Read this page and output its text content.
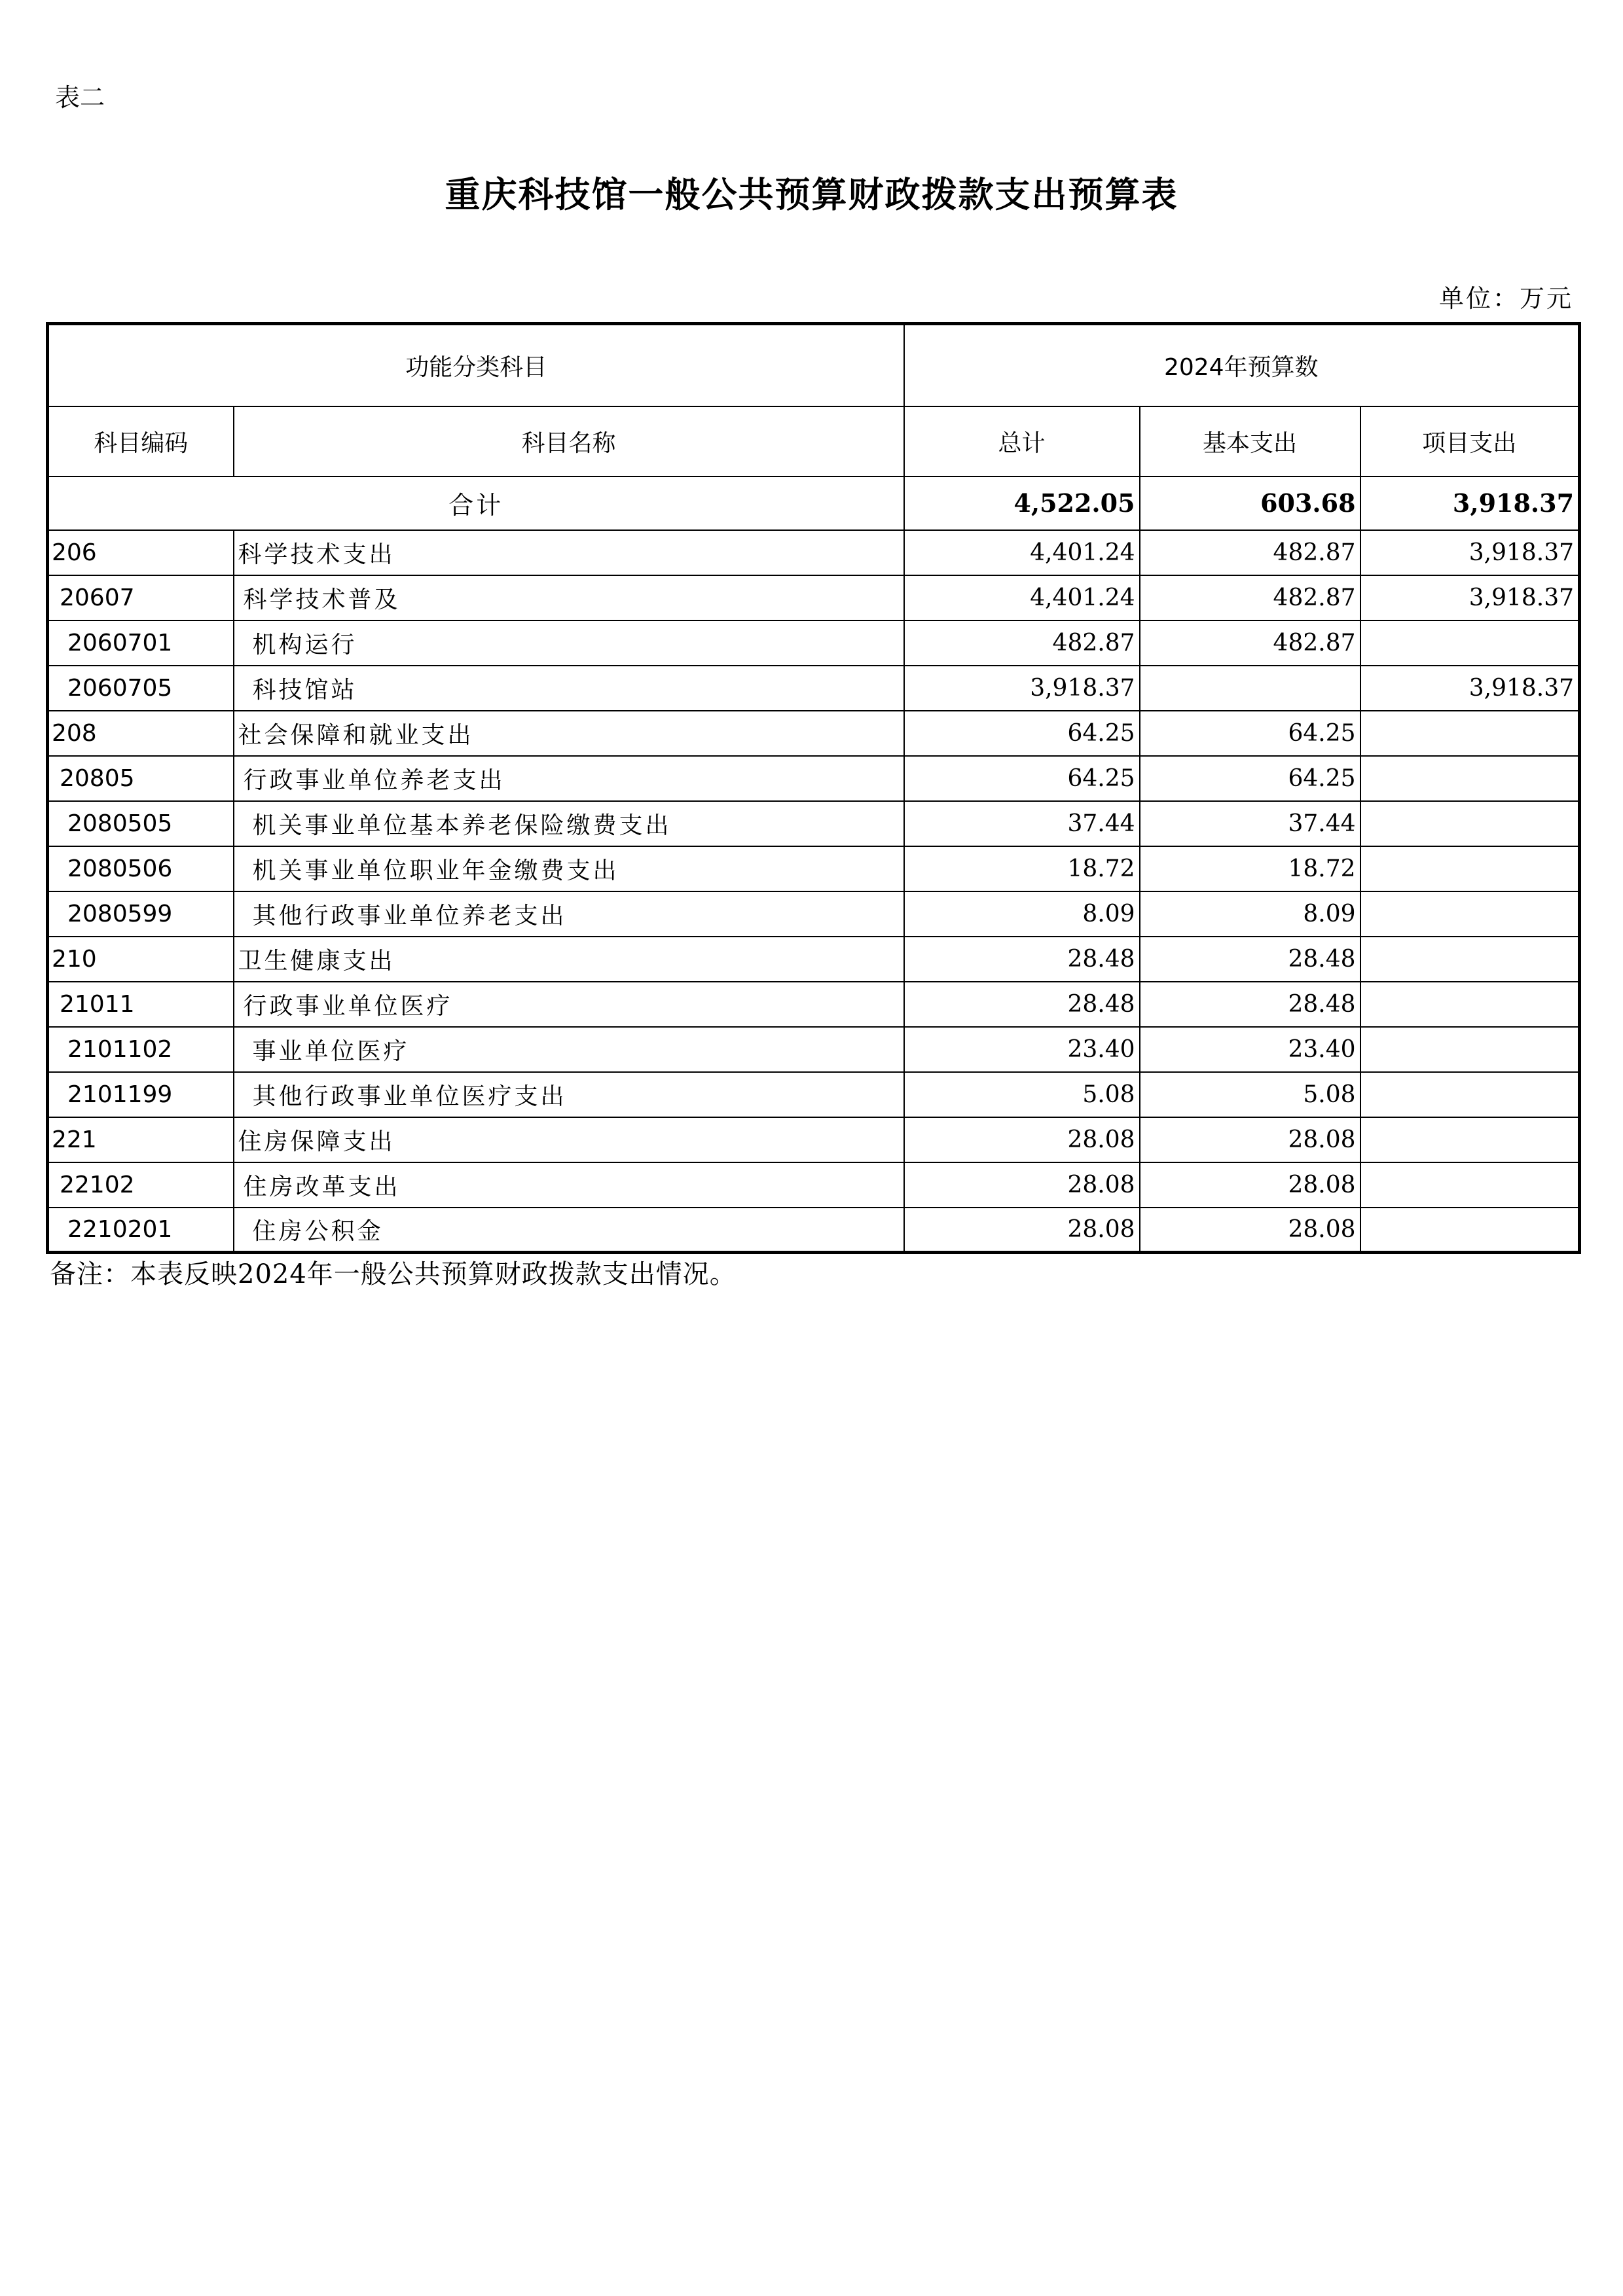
表二
重庆科技馆一般公共预算财政拨款支出预算表
单位：万元
功能分类科目		2024年预算数		
科目编码	科目名称	总计	基本支出	项目支出
合计		4,522.05	603.68	3,918.37
206	科学技术支出	4,401.24	482.87	3,918.37
20607	科学技术普及	4,401.24	482.87	3,918.37
2060701	机构运行	482.87	482.87	
2060705	科技馆站	3,918.37		3,918.37
208	社会保障和就业支出	64.25	64.25	
20805	行政事业单位养老支出	64.25	64.25	
2080505	机关事业单位基本养老保险缴费支出	37.44	37.44	
2080506	机关事业单位职业年金缴费支出	18.72	18.72	
2080599	其他行政事业单位养老支出	8.09	8.09	
210	卫生健康支出	28.48	28.48	
21011	行政事业单位医疗	28.48	28.48	
2101102	事业单位医疗	23.40	23.40	
2101199	其他行政事业单位医疗支出	5.08	5.08	
221	住房保障支出	28.08	28.08	
22102	住房改革支出	28.08	28.08	
2210201	住房公积金	28.08	28.08	
备注：本表反映2024年一般公共预算财政拨款支出情况。
